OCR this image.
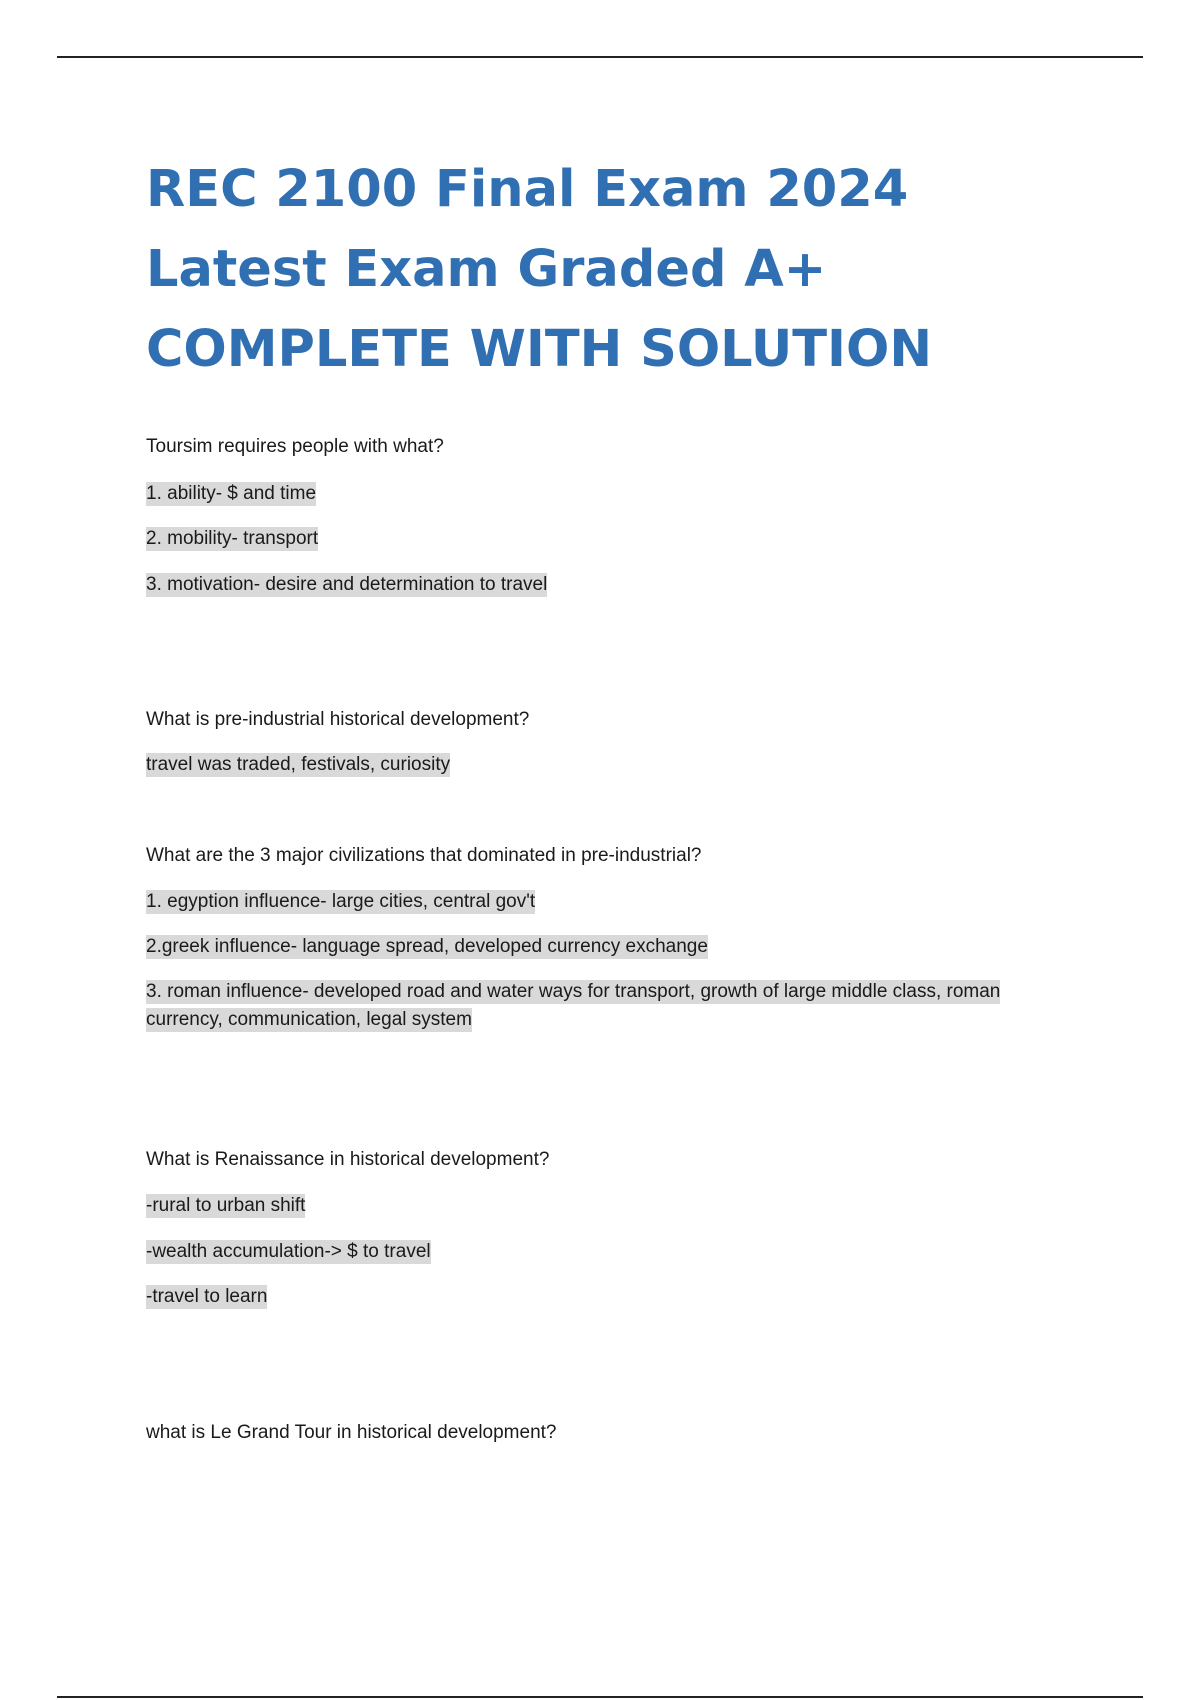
REC 2100 Final Exam 2024
Latest Exam Graded A+
COMPLETE WITH SOLUTION

Toursim requires people with what?

1. ability- $ and time

2. mobility- transport

3. motivation- desire and determination to travel

What is pre-industrial historical development?

travel was traded, festivals, curiosity

What are the 3 major civilizations that dominated in pre-industrial?

1. egyption influence- large cities, central gov't

2.greek influence- language spread, developed currency exchange

3. roman influence- developed road and water ways for transport, growth of large middle class, roman currency, communication, legal system

What is Renaissance in historical development?

-rural to urban shift

-wealth accumulation-> $ to travel

-travel to learn

what is Le Grand Tour in historical development?
